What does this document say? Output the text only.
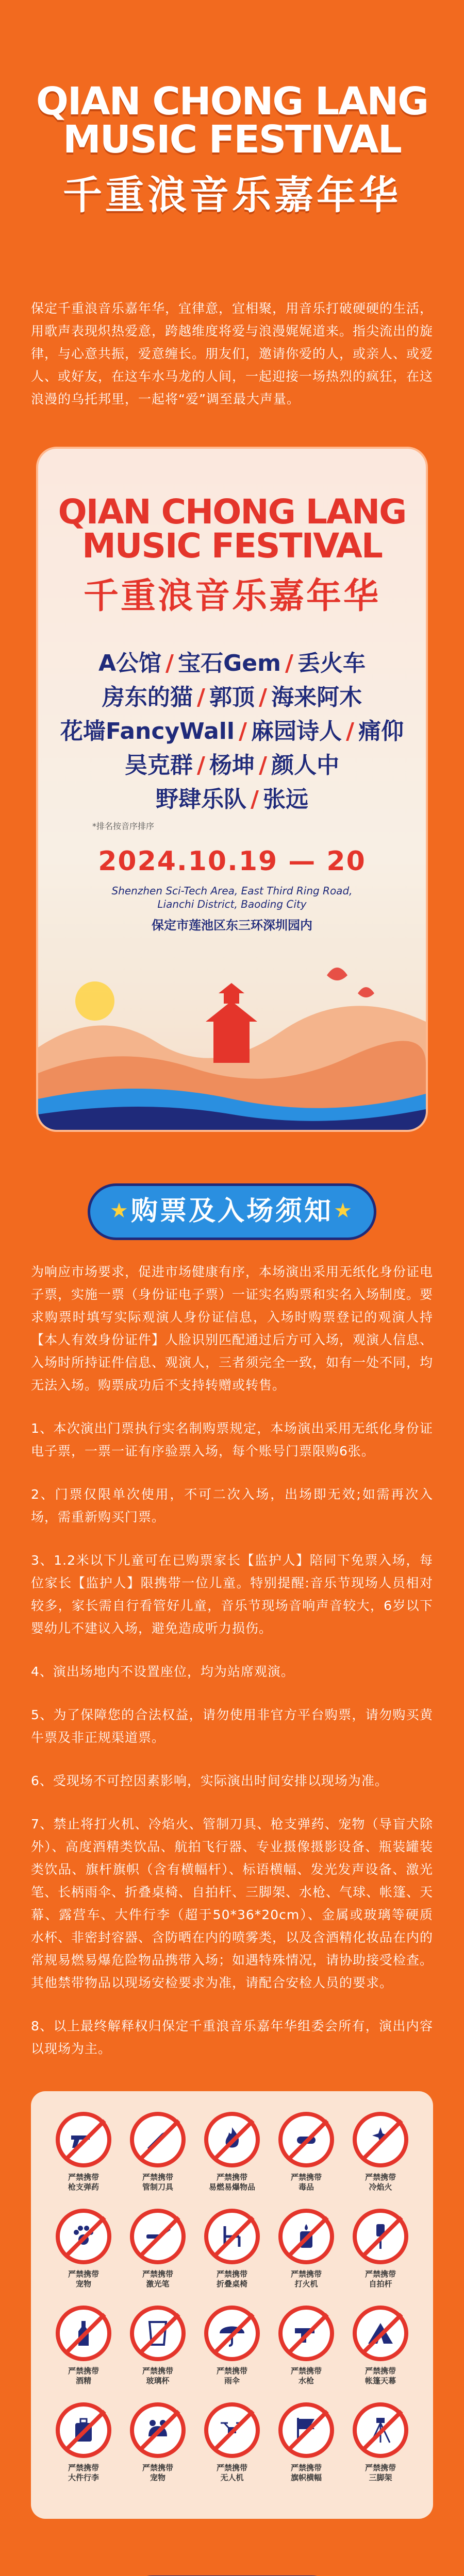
QIAN CHONG LANG
MUSIC FESTIVAL
千重浪音乐嘉年华
保定千重浪音乐嘉年华，宜律意，宜相聚，用音乐打破硬硬的生活，用歌声表现炽热爱意，跨越维度将爱与浪漫娓娓道来。指尖流出的旋律，与心意共振，爱意缠长。朋友们，邀请你爱的人，或亲人、或爱人、或好友，在这车水马龙的人间，一起迎接一场热烈的疯狂，在这浪漫的乌托邦里，一起将“爱”调至最大声量。
QIAN CHONG LANG
MUSIC FESTIVAL
千重浪音乐嘉年华
A公馆 / 宝石Gem / 丢火车
房东的猫 / 郭顶 / 海来阿木
花墙FancyWall / 麻园诗人 / 痛仰
吴克群 / 杨坤 / 颜人中
野肆乐队 / 张远
*排名按音序排序
2024.10.19 — 20
Shenzhen Sci-Tech Area, East Third Ring Road,
Lianchi District, Baoding City
保定市莲池区东三环深圳园内
★ 购票及入场须知 ★
为响应市场要求，促进市场健康有序，本场演出采用无纸化身份证电子票，实施一票（身份证电子票）一证实名购票和实名入场制度。要求购票时填写实际观演人身份证信息，入场时购票登记的观演人持【本人有效身份证件】人脸识别匹配通过后方可入场，观演人信息、入场时所持证件信息、观演人，三者须完全一致，如有一处不同，均无法入场。购票成功后不支持转赠或转售。
1、本次演出门票执行实名制购票规定，本场演出采用无纸化身份证电子票，一票一证有序验票入场，每个账号门票限购6张。
2、门票仅限单次使用，不可二次入场，出场即无效;如需再次入场，需重新购买门票。
3、1.2米以下儿童可在已购票家长【监护人】陪同下免票入场，每位家长【监护人】限携带一位儿童。特别提醒:音乐节现场人员相对较多，家长需自行看管好儿童，音乐节现场音响声音较大，6岁以下婴幼儿不建议入场，避免造成听力损伤。
4、演出场地内不设置座位，均为站席观演。
5、为了保障您的合法权益，请勿使用非官方平台购票，请勿购买黄牛票及非正规渠道票。
6、受现场不可控因素影响，实际演出时间安排以现场为准。
7、禁止将打火机、冷焰火、管制刀具、枪支弹药、宠物（导盲犬除外）、高度酒精类饮品、航拍飞行器、专业摄像摄影设备、瓶装罐装类饮品、旗杆旗帜（含有横幅杆）、标语横幅、发光发声设备、激光笔、长柄雨伞、折叠桌椅、自拍杆、三脚架、水枪、气球、帐篷、天幕、露营车、大件行李（超于50*36*20cm）、金属或玻璃等硬质水杯、非密封容器、含防晒在内的喷雾类，以及含酒精化妆品在内的常规易燃易爆危险物品携带入场；如遇特殊情况，请协助接受检查。其他禁带物品以现场安检要求为准，请配合安检人员的要求。
8、以上最终解释权归保定千重浪音乐嘉年华组委会所有，演出内容以现场为主。
严禁携带
枪支弹药
严禁携带
管制刀具
严禁携带
易燃易爆物品
严禁携带
毒品
严禁携带
冷焰火
严禁携带
宠物
严禁携带
激光笔
严禁携带
折叠桌椅
严禁携带
打火机
严禁携带
自拍杆
严禁携带
酒精
严禁携带
玻璃杯
严禁携带
雨伞
严禁携带
水枪
严禁携带
帐篷天幕
严禁携带
大件行李
严禁携带
宠物
严禁携带
无人机
严禁携带
旗帜横幅
严禁携带
三脚架
